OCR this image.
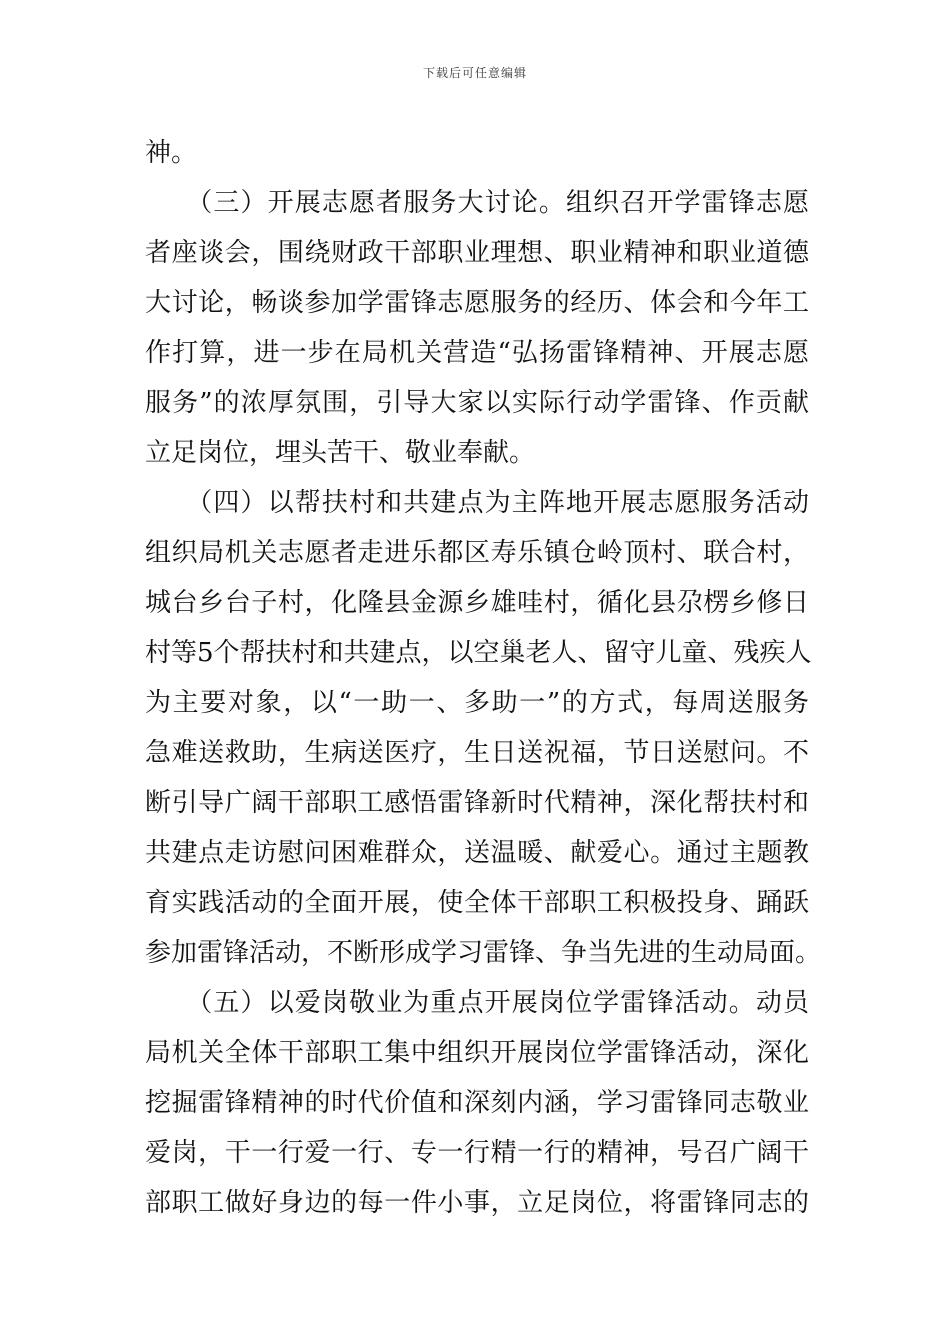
下载后可任意编辑
神。
　　（三）开展志愿者服务大讨论。组织召开学雷锋志愿
者座谈会，围绕财政干部职业理想、职业精神和职业道德
大讨论，畅谈参加学雷锋志愿服务的经历、体会和今年工
作打算，进一步在局机关营造“弘扬雷锋精神、开展志愿
服务”的浓厚氛围，引导大家以实际行动学雷锋、作贡献
立足岗位，埋头苦干、敬业奉献。
　　（四）以帮扶村和共建点为主阵地开展志愿服务活动
组织局机关志愿者走进乐都区寿乐镇仓岭顶村、联合村，
城台乡台子村，化隆县金源乡雄哇村，循化县尕楞乡修日
村等5个帮扶村和共建点，以空巢老人、留守儿童、残疾人
为主要对象，以“一助一、多助一”的方式，每周送服务
急难送救助，生病送医疗，生日送祝福，节日送慰问。不
断引导广阔干部职工感悟雷锋新时代精神，深化帮扶村和
共建点走访慰问困难群众，送温暖、献爱心。通过主题教
育实践活动的全面开展，使全体干部职工积极投身、踊跃
参加雷锋活动，不断形成学习雷锋、争当先进的生动局面。
　　（五）以爱岗敬业为重点开展岗位学雷锋活动。动员
局机关全体干部职工集中组织开展岗位学雷锋活动，深化
挖掘雷锋精神的时代价值和深刻内涵，学习雷锋同志敬业
爱岗，干一行爱一行、专一行精一行的精神，号召广阔干
部职工做好身边的每一件小事，立足岗位，将雷锋同志的
